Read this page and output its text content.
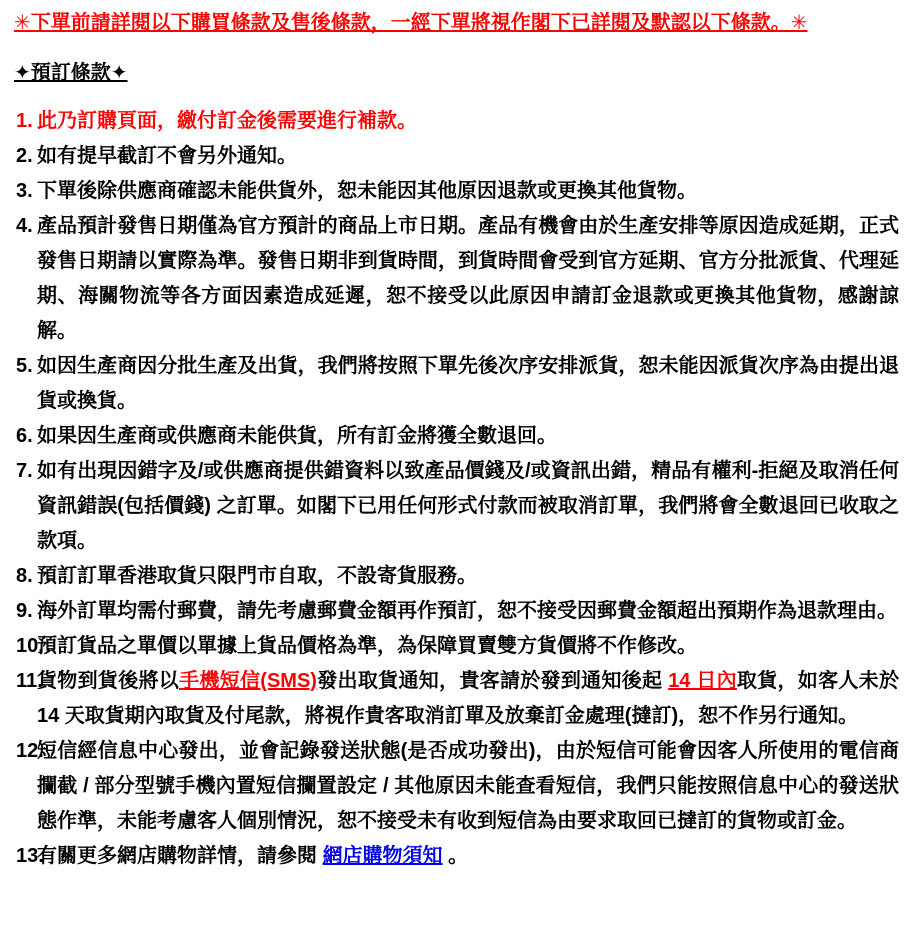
✳下單前請詳閱以下購買條款及售後條款，一經下單將視作閣下已詳閱及默認以下條款。✳

✦預訂條款✦
1. 此乃訂購頁面，繳付訂金後需要進行補款。
2. 如有提早截訂不會另外通知。
3. 下單後除供應商確認未能供貨外，恕未能因其他原因退款或更換其他貨物。
4. 產品預計發售日期僅為官方預計的商品上市日期。產品有機會由於生產安排等原因造成延期，正式發售日期請以實際為準。發售日期非到貨時間，到貨時間會受到官方延期、官方分批派貨、代理延期、海關物流等各方面因素造成延遲，恕不接受以此原因申請訂金退款或更換其他貨物，感謝諒解。
5. 如因生產商因分批生產及出貨，我們將按照下單先後次序安排派貨，恕未能因派貨次序為由提出退貨或換貨。
6. 如果因生產商或供應商未能供貨，所有訂金將獲全數退回。
7. 如有出現因錯字及/或供應商提供錯資料以致產品價錢及/或資訊出錯，精品有權利-拒絕及取消任何資訊錯誤(包括價錢) 之訂單。如閣下已用任何形式付款而被取消訂單，我們將會全數退回已收取之款項。
8. 預訂訂單香港取貨只限門市自取，不設寄貨服務。
9. 海外訂單均需付郵費，請先考慮郵費金額再作預訂，恕不接受因郵費金額超出預期作為退款理由。
10.
預訂貨品之單價以單據上貨品價格為準，為保障買賣雙方貨價將不作修改。
11.
貨物到貨後將以手機短信(SMS)發出取貨通知，貴客請於發到通知後起 14 日內取貨，如客人未於 14 天取貨期內取貨及付尾款，將視作貴客取消訂單及放棄訂金處理(撻訂)，恕不作另行通知。
12.
短信經信息中心發出，並會記錄發送狀態(是否成功發出)，由於短信可能會因客人所使用的電信商攔截 / 部分型號手機內置短信攔置設定 / 其他原因未能查看短信，我們只能按照信息中心的發送狀態作準，未能考慮客人個別情況，恕不接受未有收到短信為由要求取回已撻訂的貨物或訂金。
13.
有關更多網店購物詳情，請參閱 網店購物須知 。
